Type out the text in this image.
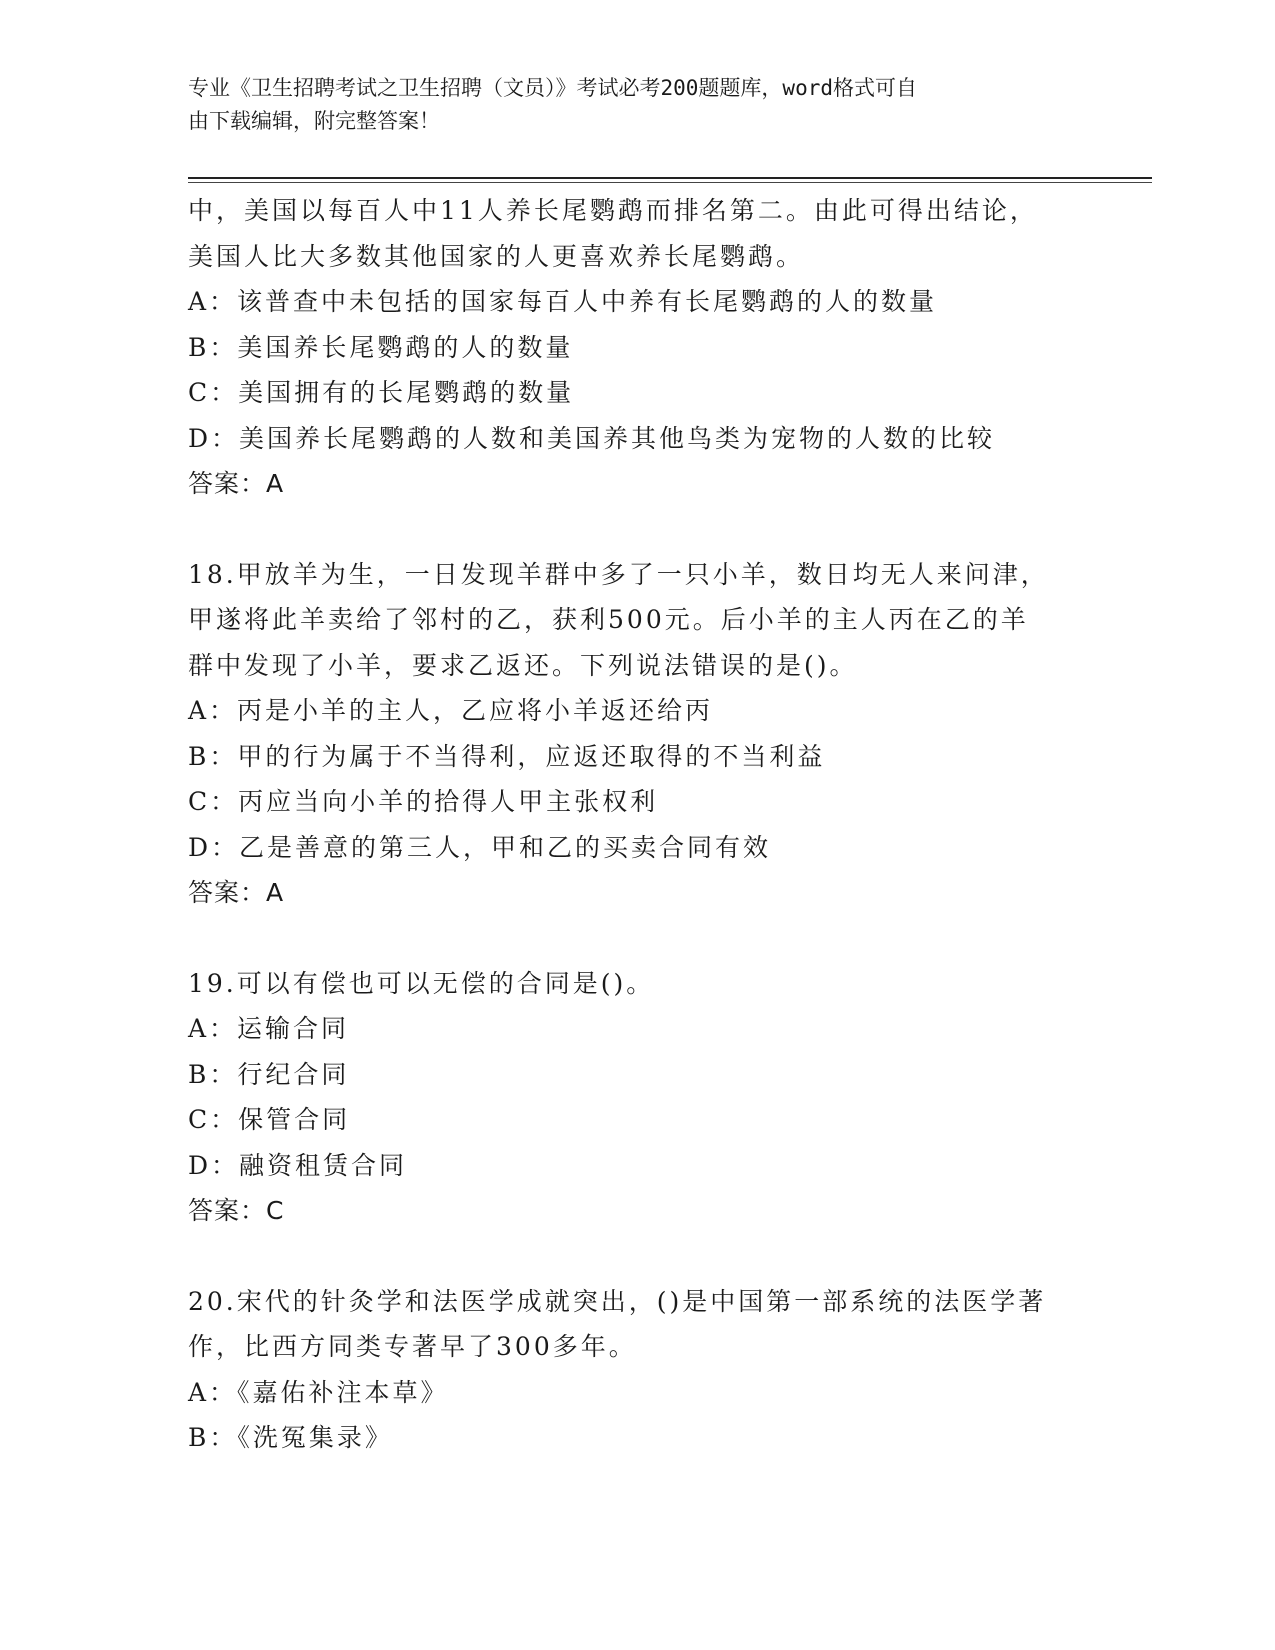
专业《卫生招聘考试之卫生招聘（文员）》考试必考200题题库，word格式可自

由下载编辑，附完整答案！

中，美国以每百人中11人养长尾鹦鹉而排名第二。由此可得出结论，

美国人比大多数其他国家的人更喜欢养长尾鹦鹉。

A：该普查中未包括的国家每百人中养有长尾鹦鹉的人的数量

B：美国养长尾鹦鹉的人的数量

C：美国拥有的长尾鹦鹉的数量

D：美国养长尾鹦鹉的人数和美国养其他鸟类为宠物的人数的比较

答案：A

18.甲放羊为生，一日发现羊群中多了一只小羊，数日均无人来问津，

甲遂将此羊卖给了邻村的乙，获利500元。后小羊的主人丙在乙的羊

群中发现了小羊，要求乙返还。下列说法错误的是()。

A：丙是小羊的主人，乙应将小羊返还给丙

B：甲的行为属于不当得利，应返还取得的不当利益

C：丙应当向小羊的拾得人甲主张权利

D：乙是善意的第三人，甲和乙的买卖合同有效

答案：A

19.可以有偿也可以无偿的合同是()。

A：运输合同

B：行纪合同

C：保管合同

D：融资租赁合同

答案：C

20.宋代的针灸学和法医学成就突出，()是中国第一部系统的法医学著

作，比西方同类专著早了300多年。

A：《嘉佑补注本草》

B：《洗冤集录》
